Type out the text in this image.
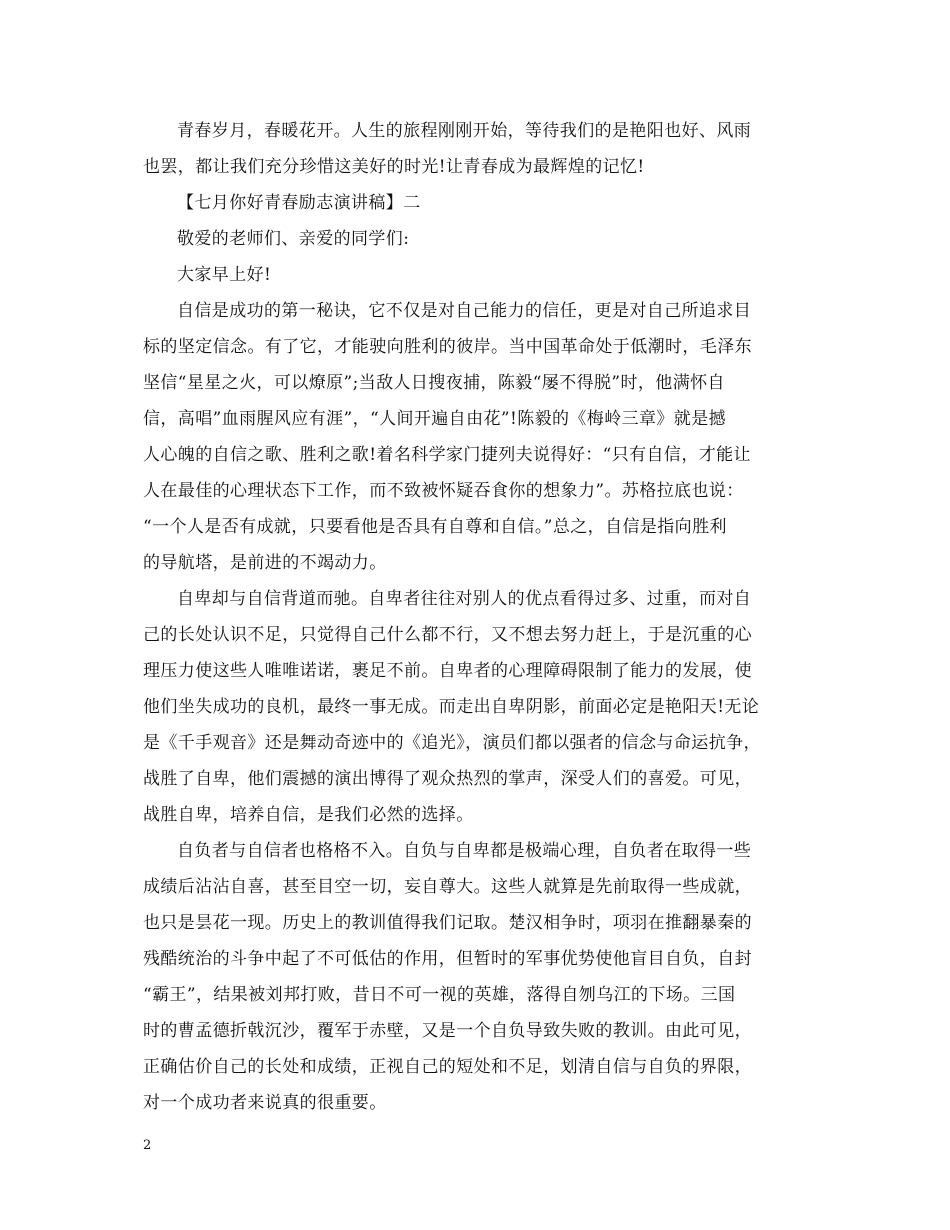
青春岁月，春暖花开。人生的旅程刚刚开始，等待我们的是艳阳也好、风雨
也罢，都让我们充分珍惜这美好的时光!让青春成为最辉煌的记忆!
【七月你好青春励志演讲稿】二
敬爱的老师们、亲爱的同学们:
大家早上好!
自信是成功的第一秘诀，它不仅是对自己能力的信任，更是对自己所追求目
标的坚定信念。有了它，才能驶向胜利的彼岸。当中国革命处于低潮时，毛泽东
坚信“星星之火，可以燎原”;当敌人日搜夜捕，陈毅“屡不得脱”时，他满怀自
信，高唱”血雨腥风应有涯”，“人间开遍自由花”!陈毅的《梅岭三章》就是撼
人心魄的自信之歌、胜利之歌!着名科学家门捷列夫说得好：“只有自信，才能让
人在最佳的心理状态下工作，而不致被怀疑吞食你的想象力”。苏格拉底也说：
“一个人是否有成就，只要看他是否具有自尊和自信。”总之，自信是指向胜利
的导航塔，是前进的不竭动力。
自卑却与自信背道而驰。自卑者往往对别人的优点看得过多、过重，而对自
己的长处认识不足，只觉得自己什么都不行，又不想去努力赶上，于是沉重的心
理压力使这些人唯唯诺诺，裹足不前。自卑者的心理障碍限制了能力的发展，使
他们坐失成功的良机，最终一事无成。而走出自卑阴影，前面必定是艳阳天!无论
是《千手观音》还是舞动奇迹中的《追光》，演员们都以强者的信念与命运抗争，
战胜了自卑，他们震撼的演出博得了观众热烈的掌声，深受人们的喜爱。可见，
战胜自卑，培养自信，是我们必然的选择。
自负者与自信者也格格不入。自负与自卑都是极端心理，自负者在取得一些
成绩后沾沾自喜，甚至目空一切，妄自尊大。这些人就算是先前取得一些成就，
也只是昙花一现。历史上的教训值得我们记取。楚汉相争时，项羽在推翻暴秦的
残酷统治的斗争中起了不可低估的作用，但暂时的军事优势使他盲目自负，自封
“霸王”，结果被刘邦打败，昔日不可一视的英雄，落得自刎乌江的下场。三国
时的曹孟德折戟沉沙，覆军于赤壁，又是一个自负导致失败的教训。由此可见，
正确估价自己的长处和成绩，正视自己的短处和不足，划清自信与自负的界限，
对一个成功者来说真的很重要。
2
